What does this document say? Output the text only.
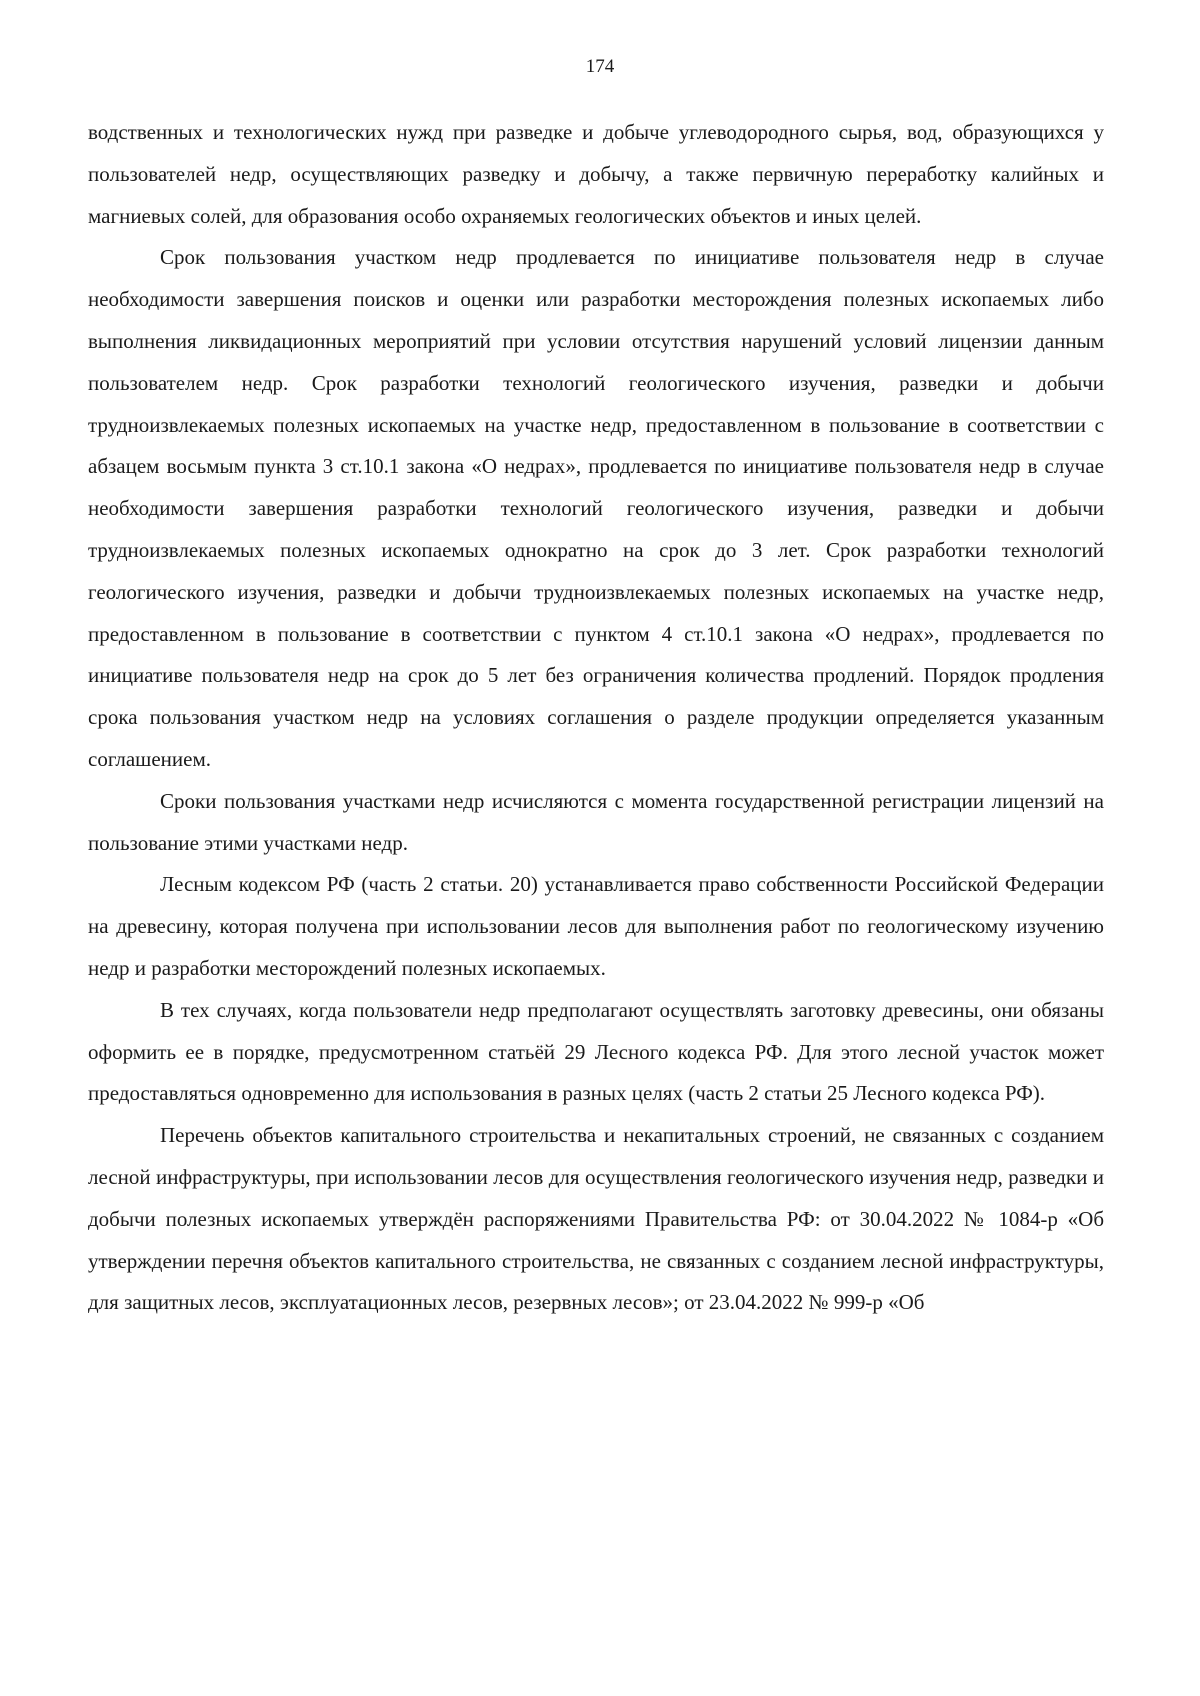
174

водственных и технологических нужд при разведке и добыче углеводородного сырья, вод, образующихся у пользователей недр, осуществляющих разведку и добычу, а также первичную переработку калийных и магниевых солей, для образования особо охраняемых геологических объектов и иных целей.

Срок пользования участком недр продлевается по инициативе пользователя недр в случае необходимости завершения поисков и оценки или разработки месторождения полезных ископаемых либо выполнения ликвидационных мероприятий при условии отсутствия нарушений условий лицензии данным пользователем недр. Срок разработки технологий геологического изучения, разведки и добычи трудноизвлекаемых полезных ископаемых на участке недр, предоставленном в пользование в соответствии с абзацем восьмым пункта 3 ст.10.1 закона «О недрах», продлевается по инициативе пользователя недр в случае необходимости завершения разработки технологий геологического изучения, разведки и добычи трудноизвлекаемых полезных ископаемых однократно на срок до 3 лет. Срок разработки технологий геологического изучения, разведки и добычи трудноизвлекаемых полезных ископаемых на участке недр, предоставленном в пользование в соответствии с пунктом 4 ст.10.1 закона «О недрах», продлевается по инициативе пользователя недр на срок до 5 лет без ограничения количества продлений. Порядок продления срока пользования участком недр на условиях соглашения о разделе продукции определяется указанным соглашением.

Сроки пользования участками недр исчисляются с момента государственной регистрации лицензий на пользование этими участками недр.

Лесным кодексом РФ (часть 2 статьи. 20) устанавливается право собственности Российской Федерации на древесину, которая получена при использовании лесов для выполнения работ по геологическому изучению недр и разработки месторождений полезных ископаемых.

В тех случаях, когда пользователи недр предполагают осуществлять заготовку древесины, они обязаны оформить ее в порядке, предусмотренном статьёй 29 Лесного кодекса РФ. Для этого лесной участок может предоставляться одновременно для использования в разных целях (часть 2 статьи 25 Лесного кодекса РФ).

Перечень объектов капитального строительства и некапитальных строений, не связанных с созданием лесной инфраструктуры, при использовании лесов для осуществления геологического изучения недр, разведки и добычи полезных ископаемых утверждён распоряжениями Правительства РФ: от 30.04.2022 № 1084-р «Об утверждении перечня объектов капитального строительства, не связанных с созданием лесной инфраструктуры, для защитных лесов, эксплуатационных лесов, резервных лесов»; от 23.04.2022 № 999-р «Об
